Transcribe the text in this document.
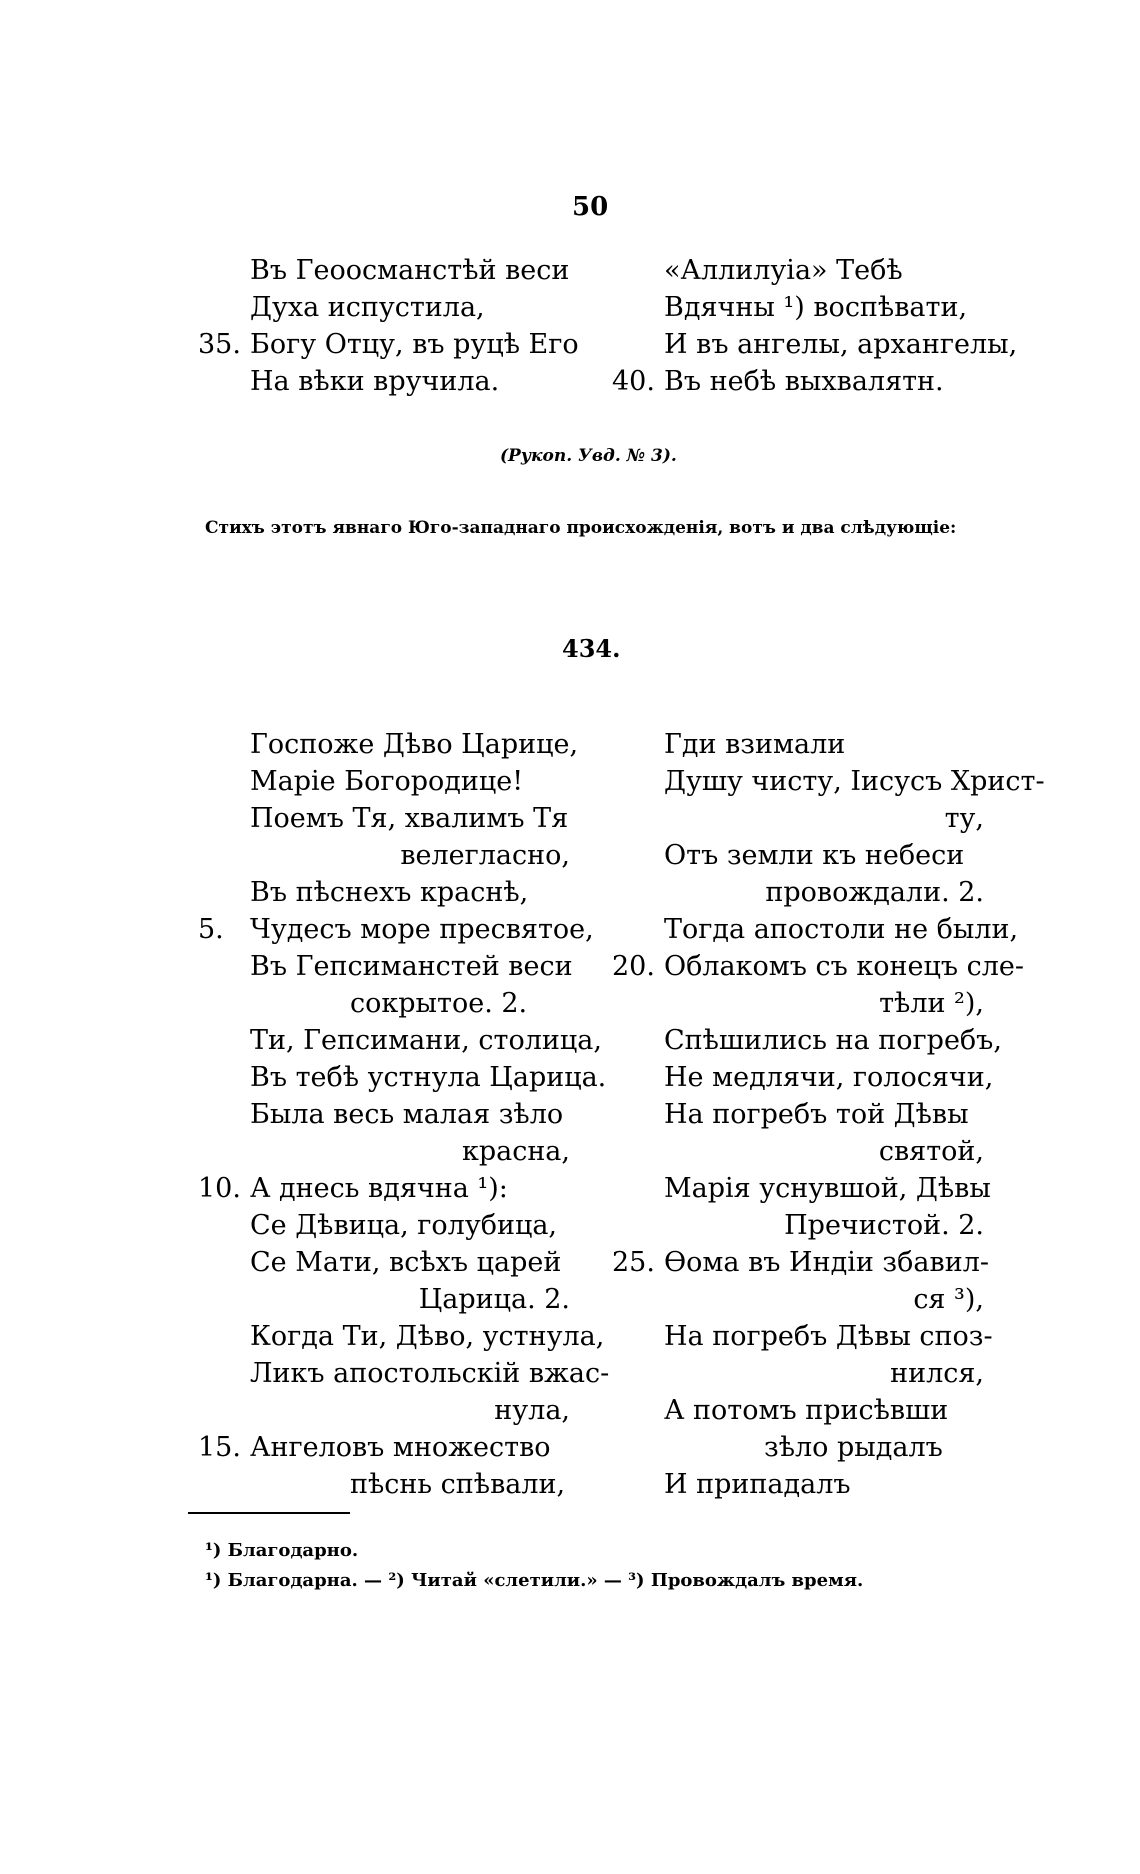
50
Въ Геоосманстѣй веси
Духа испустила,
35. Богу Отцу, въ руцѣ Его
На вѣки вручила.
«Аллилуіа» Тебѣ
Вдячны ¹) воспѣвати,
И въ ангелы, архангелы,
40. Въ небѣ выхвалятн.
(Рукоп. Увд. № 3).
Стихъ этотъ явнаго Юго-западнаго происхожденія, вотъ и два слѣдующіе:
434.
Госпоже Дѣво Царице,
Маріе Богородице!
Поемъ Тя, хвалимъ Тя
велегласно,
Въ пѣснехъ краснѣ,
5. Чудесъ море пресвятое,
Въ Гепсиманстей веси
сокрытое. 2.
Ти, Гепсимани, столица,
Въ тебѣ устнула Царица.
Была весь малая зѣло
красна,
10. А днесь вдячна ¹):
Се Дѣвица, голубица,
Се Мати, всѣхъ царей
Царица. 2.
Когда Ти, Дѣво, устнула,
Ликъ апостольскій вжас-
нула,
15. Ангеловъ множество
пѣснь спѣвали,
Гди взимали
Душу чисту, Іисусъ Христ-
ту,
Отъ земли къ небеси
провождали. 2.
Тогда апостоли не были,
20. Облакомъ съ конецъ сле-
тѣли ²),
Спѣшились на погребъ,
Не медлячи, голосячи,
На погребъ той Дѣвы
святой,
Марія уснувшой, Дѣвы
Пречистой. 2.
25. Ѳома въ Индіи збавил-
ся ³),
На погребъ Дѣвы споз-
нился,
А потомъ присѣвши
зѣло рыдалъ
И припадалъ
¹) Благодарно.
¹) Благодарна. — ²) Читай «слетили.» — ³) Провождалъ время.
